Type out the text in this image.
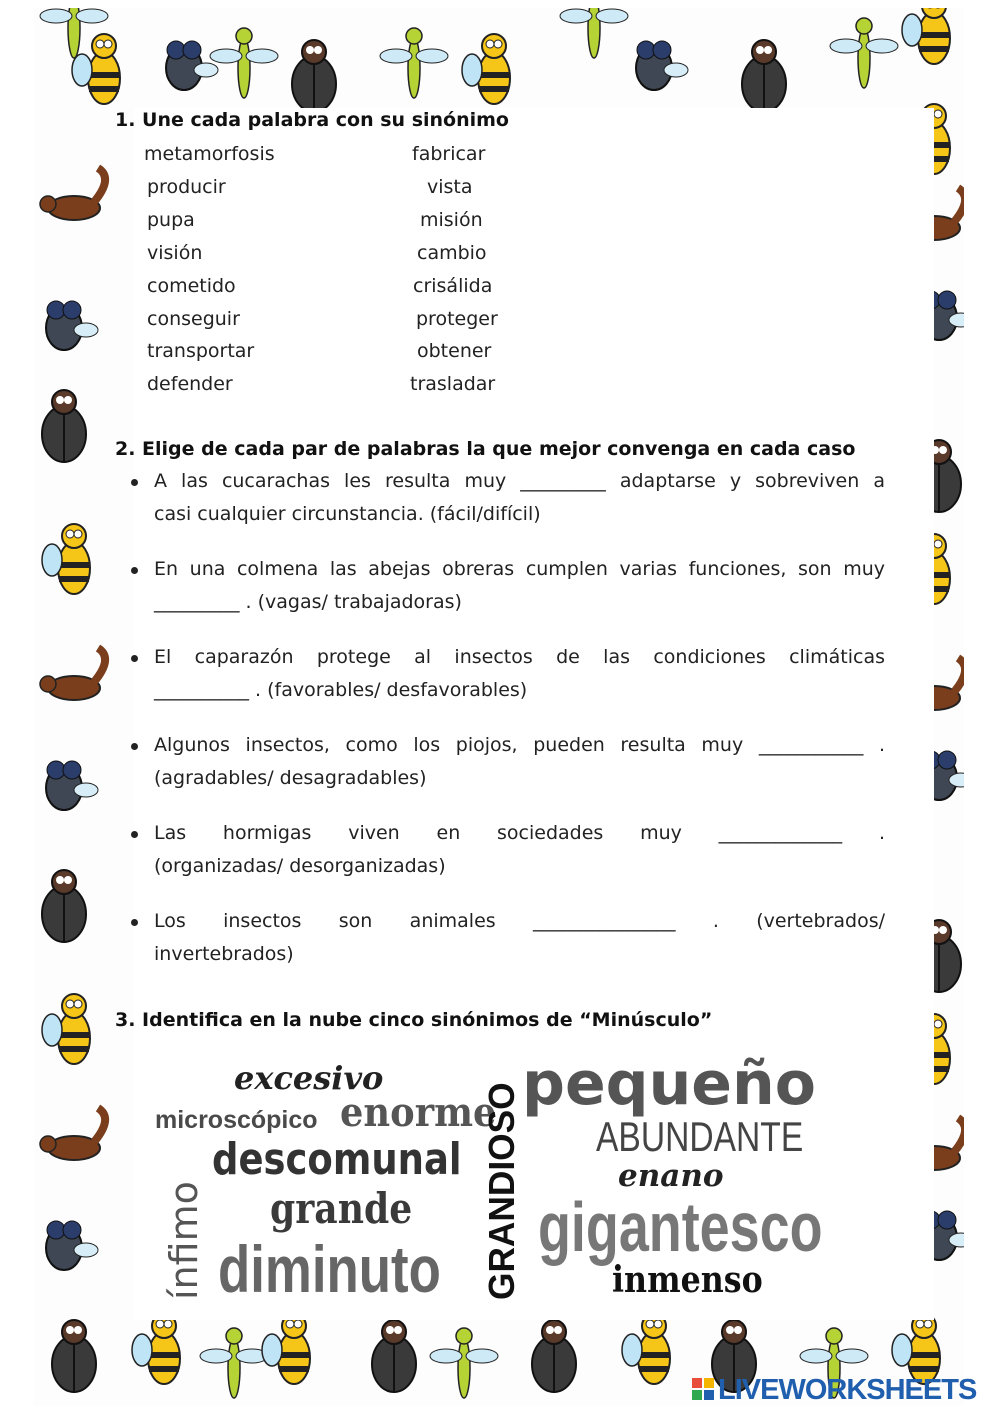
1. Une cada palabra con su sinónimo
metamorfosis
producir
pupa
visión
cometido
conseguir
transportar
defender
fabricar
vista
misión
cambio
crisálida
proteger
obtener
trasladar
2. Elige de cada par de palabras la que mejor convenga en cada caso
A las cucarachas les resulta muy _________ adaptarse y sobreviven a
casi cualquier circunstancia. (fácil/difícil)
En una colmena las abejas obreras cumplen varias funciones, son muy
_________ . (vagas/ trabajadoras)
El caparazón protege al insectos de las condiciones climáticas
__________ . (favorables/ desfavorables)
Algunos insectos, como los piojos, pueden resulta muy ___________ .
(agradables/ desagradables)
Las hormigas viven en sociedades muy _____________ .
(organizadas/ desorganizadas)
Los insectos son animales _______________ . (vertebrados/
invertebrados)
3. Identifica en la nube cinco sinónimos de “Minúsculo”
excesivo
microscópico enorme
descomunal
grande
ínfimo diminuto GRANDIOSO pequeño
ABUNDANTE
enano
gigantesco
inmenso
LIVEWORKSHEETS
